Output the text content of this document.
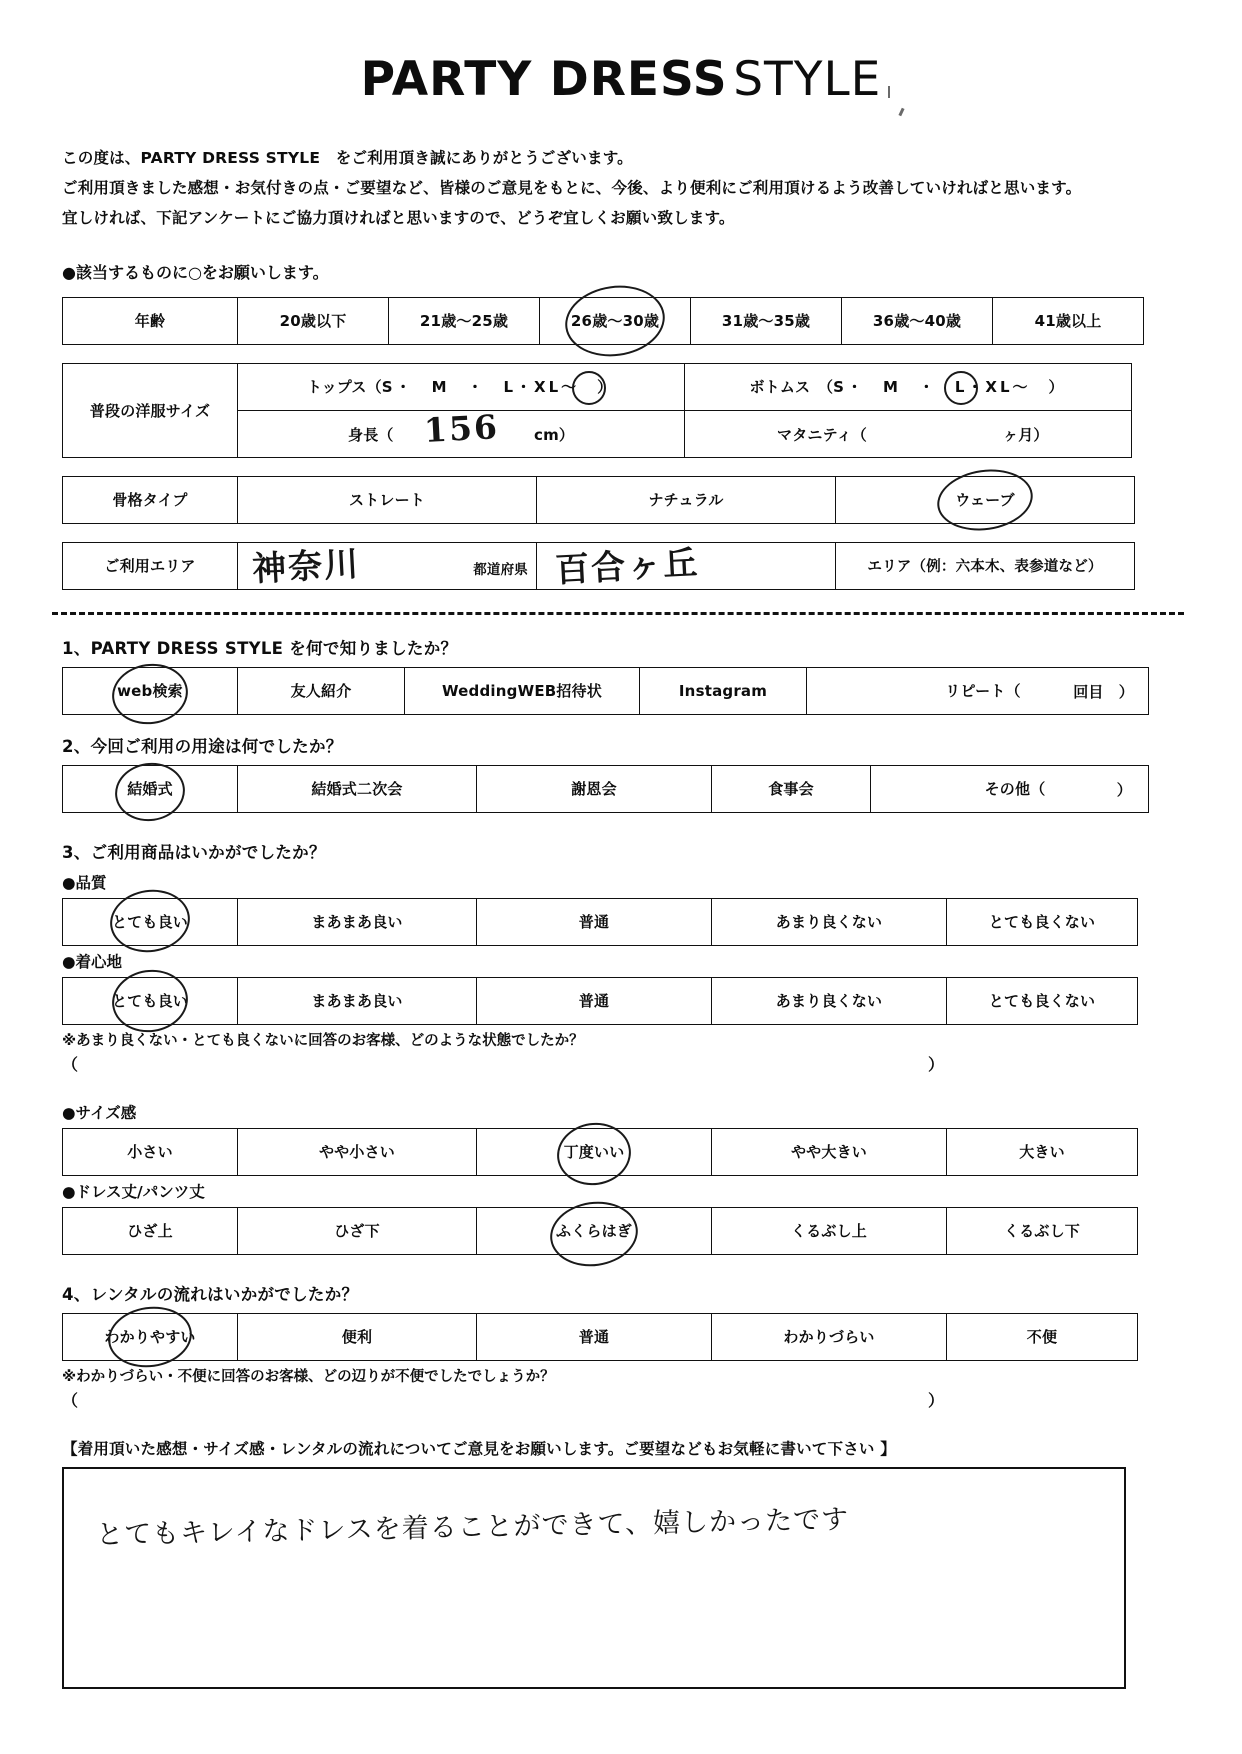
PARTY DRESS STYLE
この度は、PARTY DRESS STYLE　をご利用頂き誠にありがとうございます。
ご利用頂きました感想・お気付きの点・ご要望など、皆様のご意見をもとに、今後、より便利にご利用頂けるよう改善していければと思います。
宜しければ、下記アンケートにご協力頂ければと思いますので、どうぞ宜しくお願い致します。
●該当するものに○をお願いします。
年齢	20歳以下	21歳〜25歳	26歳〜30歳	31歳〜35歳	36歳〜40歳	41歳以上
普段の洋服サイズ	トップス（S・　M　・　L・XL〜　）	ボトムス　（S・　M　・　L・XL〜　）

	身長（ 156 cm）	マタニティ（ ヶ月）
骨格タイプ	ストレート	ナチュラル	ウェーブ
ご利用エリア	神奈川	都道府県	百合ヶ丘	エリア（例：六本木、表参道など）
1、PARTY DRESS STYLE を何で知りましたか？
web検索	友人紹介	WeddingWEB招待状	Instagram	リピート（	回目　）
2、今回ご利用の用途は何でしたか？
結婚式	結婚式二次会	謝恩会	食事会	その他（	）
3、ご利用商品はいかがでしたか？
●品質
とても良い	まあまあ良い	普通	あまり良くない	とても良くない
●着心地
とても良い	まあまあ良い	普通	あまり良くない	とても良くない
※あまり良くない・とても良くないに回答のお客様、どのような状態でしたか？
（	）
●サイズ感
小さい	やや小さい	丁度いい	やや大きい	大きい
●ドレス丈/パンツ丈
ひざ上	ひざ下	ふくらはぎ	くるぶし上	くるぶし下
4、レンタルの流れはいかがでしたか？
わかりやすい	便利	普通	わかりづらい	不便
※わかりづらい・不便に回答のお客様、どの辺りが不便でしたでしょうか？
（	）
【着用頂いた感想・サイズ感・レンタルの流れについてご意見をお願いします。ご要望などもお気軽に書いて下さい 】
とてもキレイなドレスを着ることができて、嬉しかったです
